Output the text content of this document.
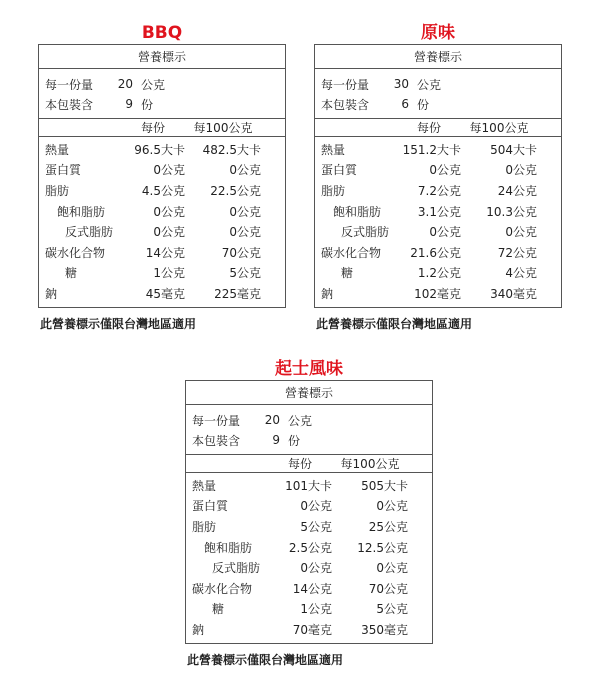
BBQ
營養標示
每一份量	20 公克
本包裝含	9 份
每份	每100公克
熱量	96.5大卡	482.5大卡
蛋白質	0公克	0公克
脂肪	4.5公克	22.5公克
飽和脂肪	0公克	0公克
反式脂肪	0公克	0公克
碳水化合物	14公克	70公克
糖	1公克	5公克
鈉	45毫克	225毫克
此營養標示僅限台灣地區適用
原味
營養標示
每一份量	30 公克
本包裝含	6 份
每份	每100公克
熱量	151.2大卡	504大卡
蛋白質	0公克	0公克
脂肪	7.2公克	24公克
飽和脂肪	3.1公克	10.3公克
反式脂肪	0公克	0公克
碳水化合物	21.6公克	72公克
糖	1.2公克	4公克
鈉	102毫克	340毫克
此營養標示僅限台灣地區適用
起士風味
營養標示
每一份量	20 公克
本包裝含	9 份
每份	每100公克
熱量	101大卡	505大卡
蛋白質	0公克	0公克
脂肪	5公克	25公克
飽和脂肪	2.5公克	12.5公克
反式脂肪	0公克	0公克
碳水化合物	14公克	70公克
糖	1公克	5公克
鈉	70毫克	350毫克
此營養標示僅限台灣地區適用
